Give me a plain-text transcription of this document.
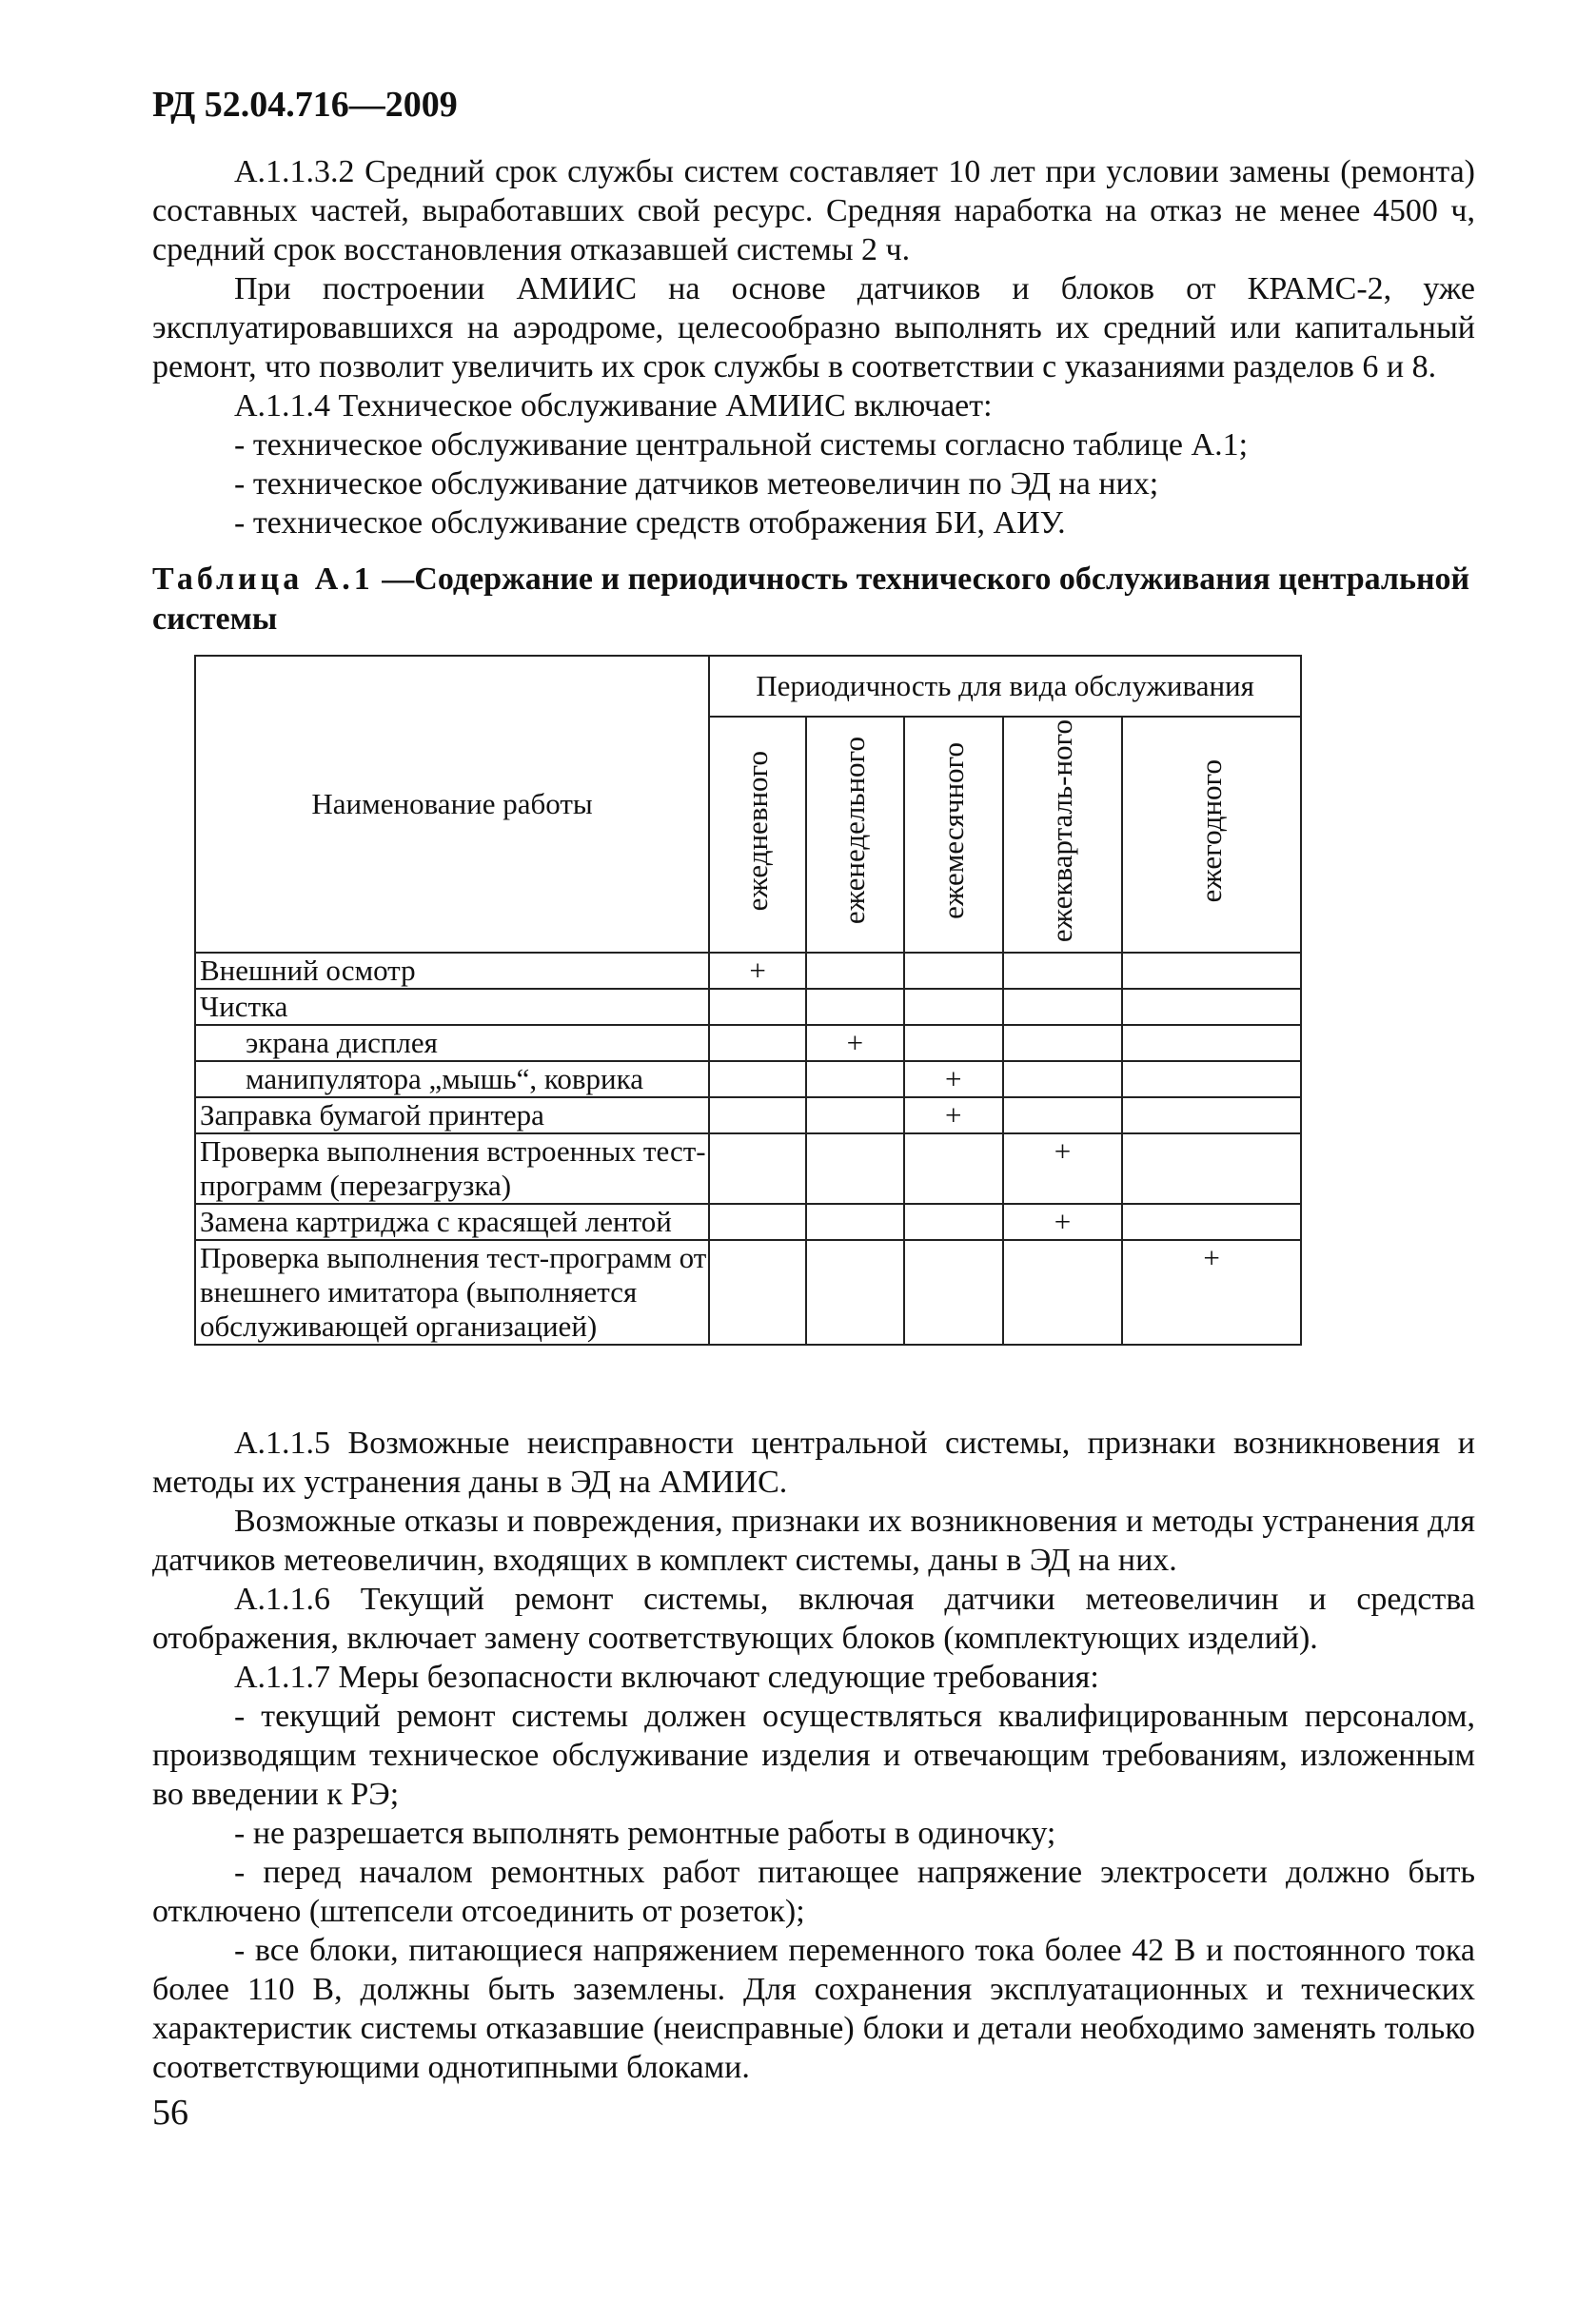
РД 52.04.716—2009

А.1.1.3.2 Средний срок службы систем составляет 10 лет при условии замены (ремонта) составных частей, выработавших свой ресурс. Средняя наработка на отказ не менее 4500 ч, средний срок восстановления отказавшей системы 2 ч.

При построении АМИИС на основе датчиков и блоков от КРАМС-2, уже эксплуатировавшихся на аэродроме, целесообразно выполнять их средний или капитальный ремонт, что позволит увеличить их срок службы в соответствии с указаниями разделов 6 и 8.

А.1.1.4 Техническое обслуживание АМИИС включает:

- техническое обслуживание центральной системы согласно таблице А.1;

- техническое обслуживание датчиков метеовеличин по ЭД на них;

- техническое обслуживание средств отображения БИ, АИУ.

Таблица А.1 —Содержание и периодичность технического обслуживания центральной системы
Наименование работы	Периодичность для вида обслуживания				
	ежедневного	еженедельного	ежемесячного	ежекварталь-ного	ежегодного
Внешний осмотр	+				
Чистка					
экрана дисплея		+			
манипулятора „мышь“, коврика			+		
Заправка бумагой принтера			+		
Проверка выполнения встроенных тест-программ (перезагрузка)				+	
Замена картриджа с красящей лентой				+	
Проверка выполнения тест-программ от внешнего имитатора (выполняется обслуживающей организацией)					+

А.1.1.5 Возможные неисправности центральной системы, признаки возникновения и методы их устранения даны в ЭД на АМИИС.

Возможные отказы и повреждения, признаки их возникновения и методы устранения для датчиков метеовеличин, входящих в комплект системы, даны в ЭД на них.

А.1.1.6 Текущий ремонт системы, включая датчики метеовеличин и средства отображения, включает замену соответствующих блоков (комплектующих изделий).

А.1.1.7 Меры безопасности включают следующие требования:

- текущий ремонт системы должен осуществляться квалифицированным персоналом, производящим техническое обслуживание изделия и отвечающим требованиям, изложенным во введении к РЭ;

- не разрешается выполнять ремонтные работы в одиночку;

- перед началом ремонтных работ питающее напряжение электросети должно быть отключено (штепсели отсоединить от розеток);

- все блоки, питающиеся напряжением переменного тока более 42 В и постоянного тока более 110 В, должны быть заземлены. Для сохранения эксплуатационных и технических характеристик системы отказавшие (неисправные) блоки и детали необходимо заменять только соответствующими однотипными блоками.

56
